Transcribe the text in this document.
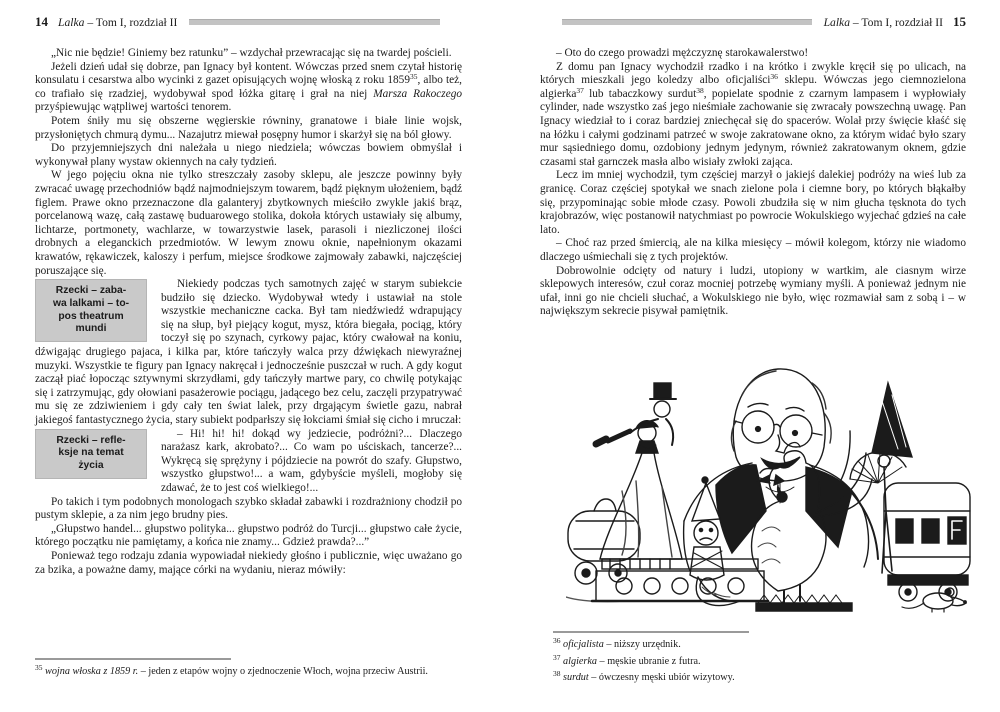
14 Lalka – Tom I, rozdział II

„Nic nie będzie! Giniemy bez ratunku” – wzdychał przewracając się na twardej pościeli.

Jeżeli dzień udał się dobrze, pan Ignacy był kontent. Wówczas przed snem czytał historię konsulatu i cesarstwa albo wycinki z gazet opisujących wojnę włoską z roku 1859$^{35}$, albo też, co trafiało się rzadziej, wydobywał spod łóżka gitarę i grał na niej Marsza Rakoczego przyśpiewując wątpliwej wartości tenorem.

Potem śniły mu się obszerne węgierskie równiny, granatowe i białe linie wojsk, przysłoniętych chmurą dymu... Nazajutrz miewał posępny humor i skarżył się na ból głowy.

Do przyjemniejszych dni należała u niego niedziela; wówczas bowiem obmyślał i wykonywał plany wystaw okiennych na cały tydzień.

W jego pojęciu okna nie tylko streszczały zasoby sklepu, ale jeszcze powinny były zwracać uwagę przechodniów bądź najmodniejszym towarem, bądź pięknym ułożeniem, bądź figlem. Prawe okno przeznaczone dla galanteryj zbytkownych mieściło zwykle jakiś brąz, porcelanową wazę, całą zastawę buduarowego stolika, dokoła których ustawiały się albumy, lichtarze, portmonety, wachlarze, w towarzystwie lasek, parasoli i niezliczonej ilości drobnych a eleganckich przedmiotów. W lewym znowu oknie, napełnionym okazami krawatów, rękawiczek, kaloszy i perfum, miejsce środkowe zajmowały zabawki, najczęściej poruszające się.

Rzecki – zaba-
wa lalkami – to-
pos theatrum
mundi
Niekiedy podczas tych samotnych zajęć w starym subiekcie budziło się dziecko. Wydobywał wtedy i ustawiał na stole wszystkie mechaniczne cacka. Był tam niedźwiedź wdrapujący się na słup, był piejący kogut, mysz, która biegała, pociąg, który toczył się po szynach, cyrkowy pajac, który cwałował na koniu, dźwigając drugiego pajaca, i kilka par, które tańczyły walca przy dźwiękach niewyraźnej muzyki. Wszystkie te figury pan Ignacy nakręcał i jednocześnie puszczał w ruch. A gdy kogut zaczął piać łopocząc sztywnymi skrzydłami, gdy tańczyły martwe pary, co chwilę potykając się i zatrzymując, gdy ołowiani pasażerowie pociągu, jadącego bez celu, zaczęli przypatrywać mu się ze zdziwieniem i gdy cały ten świat lalek, przy drgającym świetle gazu, nabrał jakiegoś fantastycznego życia, stary subiekt podparłszy się łokciami śmiał się cicho i mruczał:

Rzecki – refle-
ksje na temat
życia
– Hi! hi! hi! dokąd wy jedziecie, podróżni?... Dlaczego narażasz kark, akrobato?... Co wam po uściskach, tancerze?... Wykręcą się sprężyny i pójdziecie na powrót do szafy. Głupstwo, wszystko głupstwo!... a wam, gdybyście myśleli, mogłoby się zdawać, że to jest coś wielkiego!...

Po takich i tym podobnych monologach szybko składał zabawki i rozdrażniony chodził po pustym sklepie, a za nim jego brudny pies.

„Głupstwo handel... głupstwo polityka... głupstwo podróż do Turcji... głupstwo całe życie, którego początku nie pamiętamy, a końca nie znamy... Gdzież prawda?...”

Ponieważ tego rodzaju zdania wypowiadał niekiedy głośno i publicznie, więc uważano go za bzika, a poważne damy, mające córki na wydaniu, nieraz mówiły:

$^{35}$ wojna włoska z 1859 r. – jeden z etapów wojny o zjednoczenie Włoch, wojna przeciw Austrii.

Lalka – Tom I, rozdział II 15

– Oto do czego prowadzi mężczyznę starokawalerstwo!

Z domu pan Ignacy wychodził rzadko i na krótko i zwykle kręcił się po ulicach, na których mieszkali jego koledzy albo oficjaliści$^{36}$ sklepu. Wówczas jego ciemnozielona algierka$^{37}$ lub tabaczkowy surdut$^{38}$, popielate spodnie z czarnym lampasem i wypłowiały cylinder, nade wszystko zaś jego nieśmiałe zachowanie się zwracały powszechną uwagę. Pan Ignacy wiedział to i coraz bardziej zniechęcał się do spacerów. Wolał przy święcie kłaść się na łóżku i całymi godzinami patrzeć w swoje zakratowane okno, za którym widać było szary mur sąsiedniego domu, ozdobiony jednym jedynym, również zakratowanym oknem, gdzie czasami stał garnczek masła albo wisiały zwłoki zająca.

Lecz im mniej wychodził, tym częściej marzył o jakiejś dalekiej podróży na wieś lub za granicę. Coraz częściej spotykał we snach zielone pola i ciemne bory, po których błąkałby się, przypominając sobie młode czasy. Powoli zbudziła się w nim głucha tęsknota do tych krajobrazów, więc postanowił natychmiast po powrocie Wokulskiego wyjechać gdzieś na całe lato.

– Choć raz przed śmiercią, ale na kilka miesięcy – mówił kolegom, którzy nie wiadomo dlaczego uśmiechali się z tych projektów.

Dobrowolnie odcięty od natury i ludzi, utopiony w wartkim, ale ciasnym wirze sklepowych interesów, czuł coraz mocniej potrzebę wymiany myśli. A ponieważ jednym nie ufał, inni go nie chcieli słuchać, a Wokulskiego nie było, więc rozmawiał sam z sobą i – w największym sekrecie pisywał pamiętnik.

$^{36}$ oficjalista – niższy urzędnik.

$^{37}$ algierka – męskie ubranie z futra.

$^{38}$ surdut – ówczesny męski ubiór wizytowy.
